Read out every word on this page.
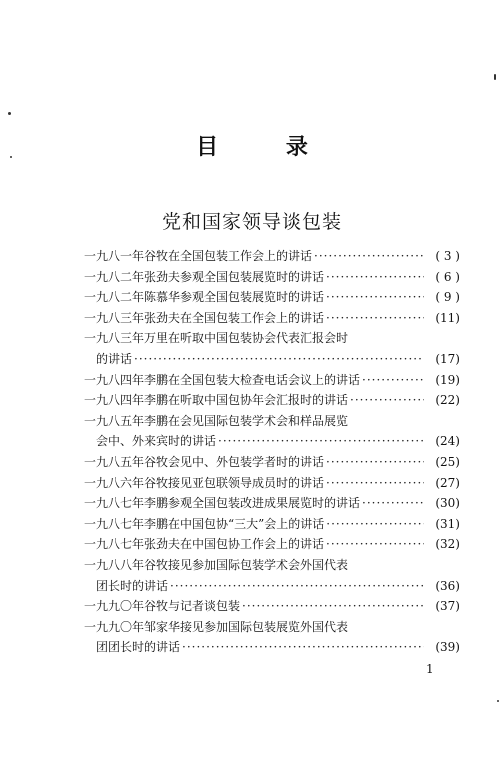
目 录
党和国家领导谈包装
一九八一年谷牧在全国包装工作会上的讲话 ·····	( 3 )
一九八二年张劲夫参观全国包装展览时的讲话 ·····	( 6 )
一九八二年陈慕华参观全国包装展览时的讲话 ·····	( 9 )
一九八三年张劲夫在全国包装工作会上的讲话 ·····	(11)
一九八三年万里在听取中国包装协会代表汇报会时
的讲话 ·····	(17)
一九八四年李鹏在全国包装大检查电话会议上的讲话 ·····	(19)
一九八四年李鹏在听取中国包协年会汇报时的讲话 ·····	(22)
一九八五年李鹏在会见国际包装学术会和样品展览
会中、外来宾时的讲话 ·····	(24)
一九八五年谷牧会见中、外包装学者时的讲话 ·····	(25)
一九八六年谷牧接见亚包联领导成员时的讲话 ·····	(27)
一九八七年李鹏参观全国包装改进成果展览时的讲话 ·····	(30)
一九八七年李鹏在中国包协“三大”会上的讲话 ·····	(31)
一九八七年张劲夫在中国包协工作会上的讲话 ·····	(32)
一九八八年谷牧接见参加国际包装学术会外国代表
团长时的讲话 ·····	(36)
一九九〇年谷牧与记者谈包装 ·····	(37)
一九九〇年邹家华接见参加国际包装展览外国代表
团团长时的讲话 ·····	(39)
1
